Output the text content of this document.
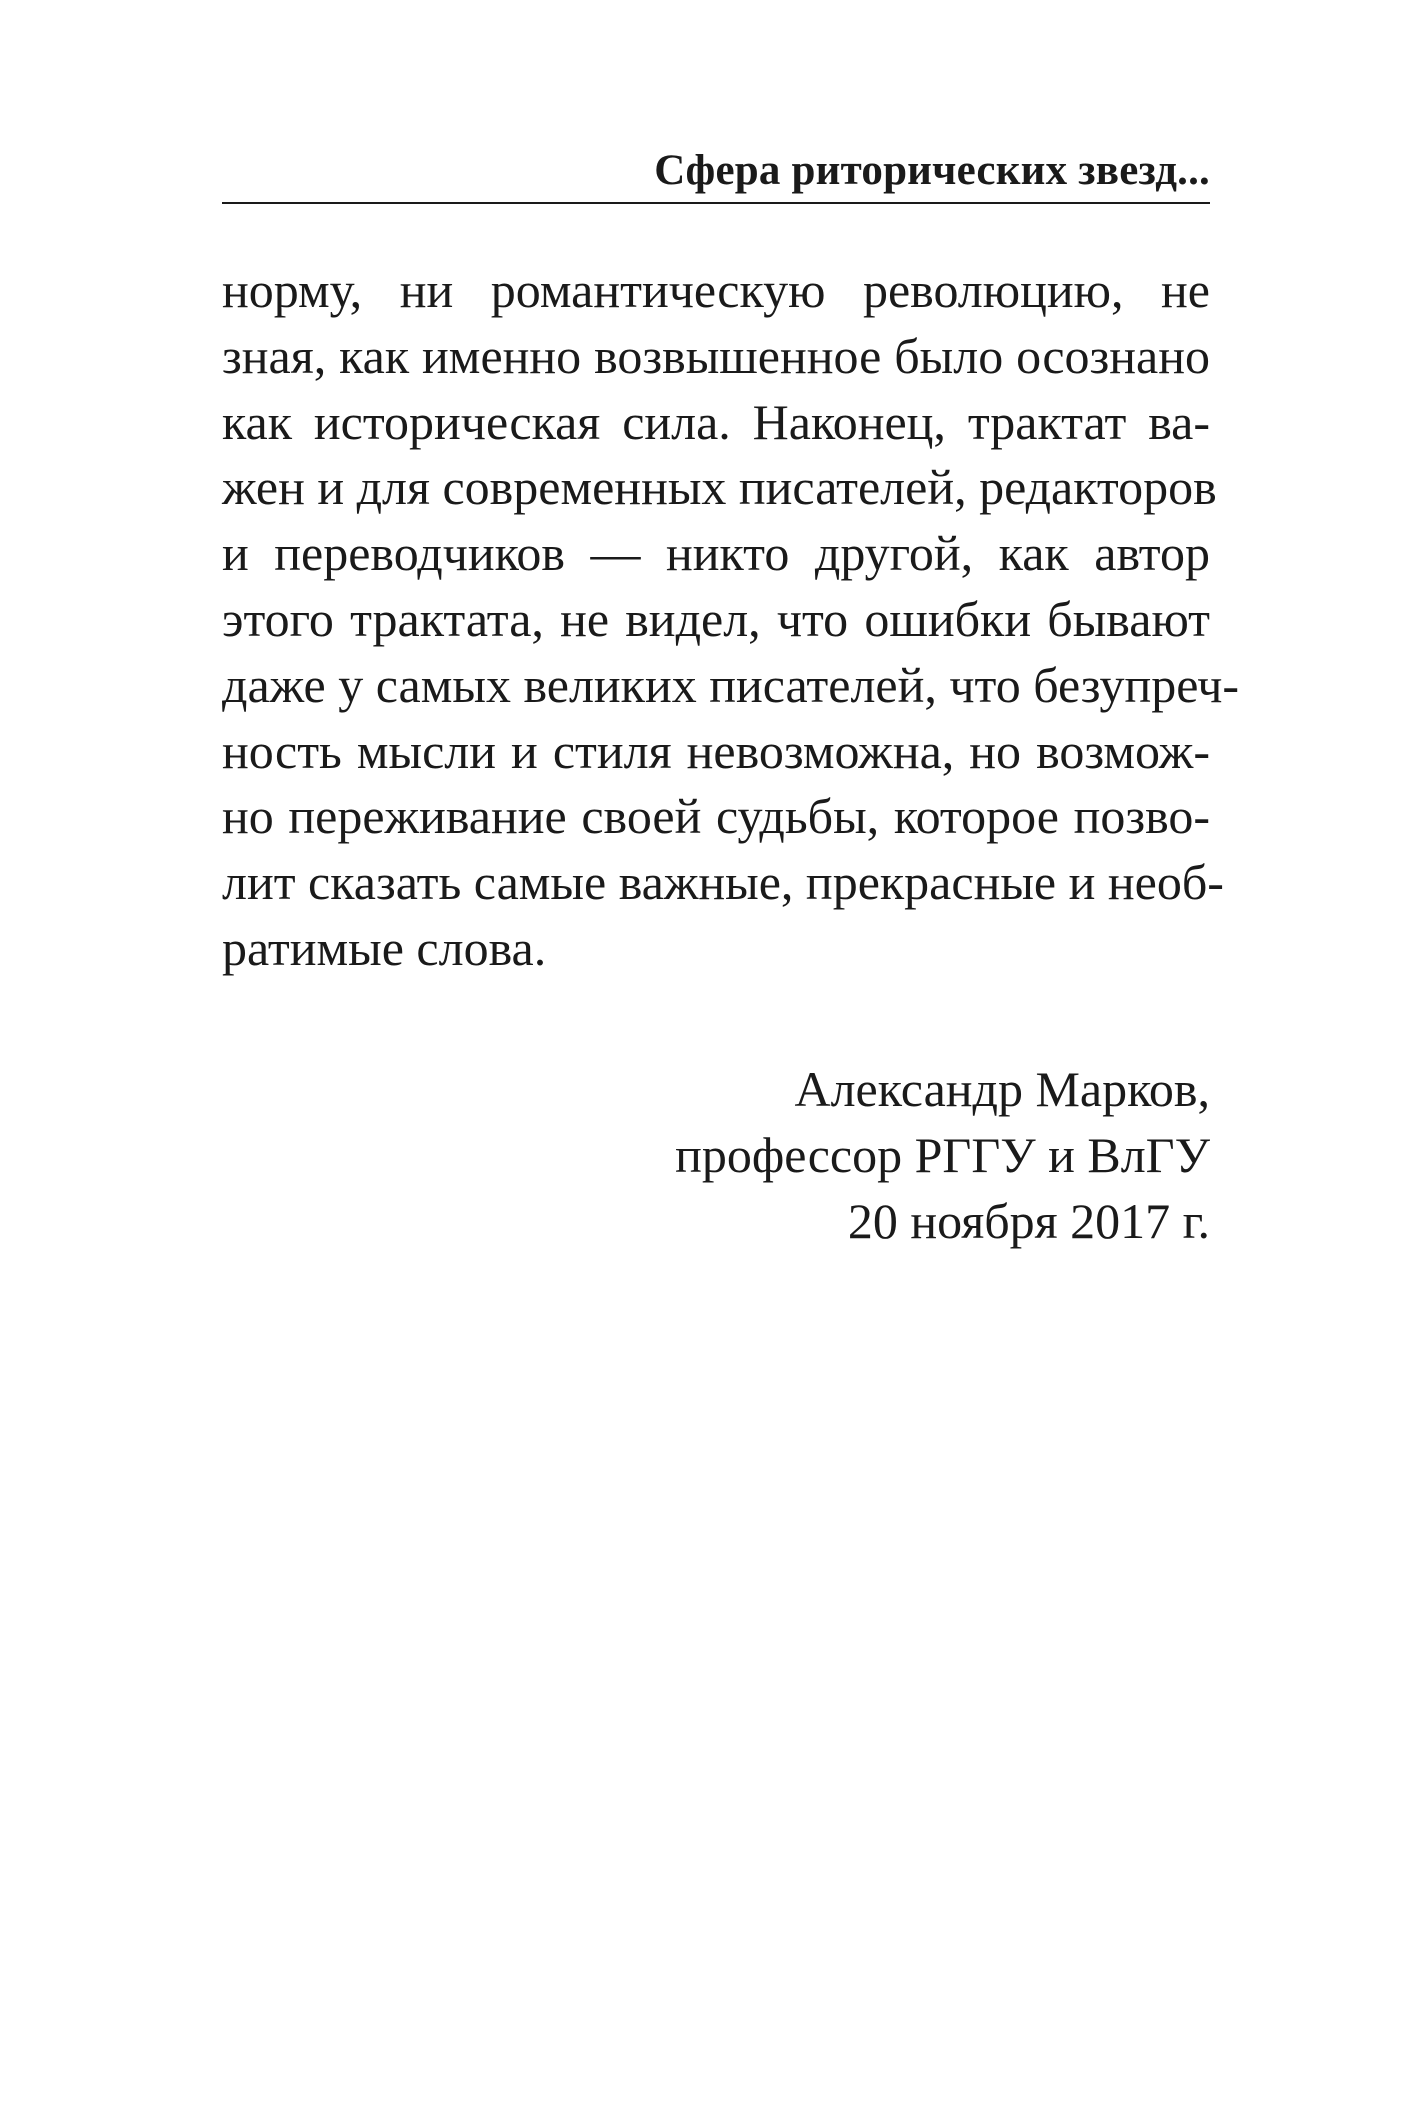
Сфера риторических звезд...

норму, ни романтическую революцию, не
зная, как именно возвышенное было осознано
как историческая сила. Наконец, трактат ва-
жен и для современных писателей, редакторов
и переводчиков — никто другой, как автор
этого трактата, не видел, что ошибки бывают
даже у самых великих писателей, что безупреч-
ность мысли и стиля невозможна, но возмож-
но переживание своей судьбы, которое позво-
лит сказать самые важные, прекрасные и необ-
ратимые слова.

Александр Марков,
профессор РГГУ и ВлГУ
20 ноября 2017 г.
